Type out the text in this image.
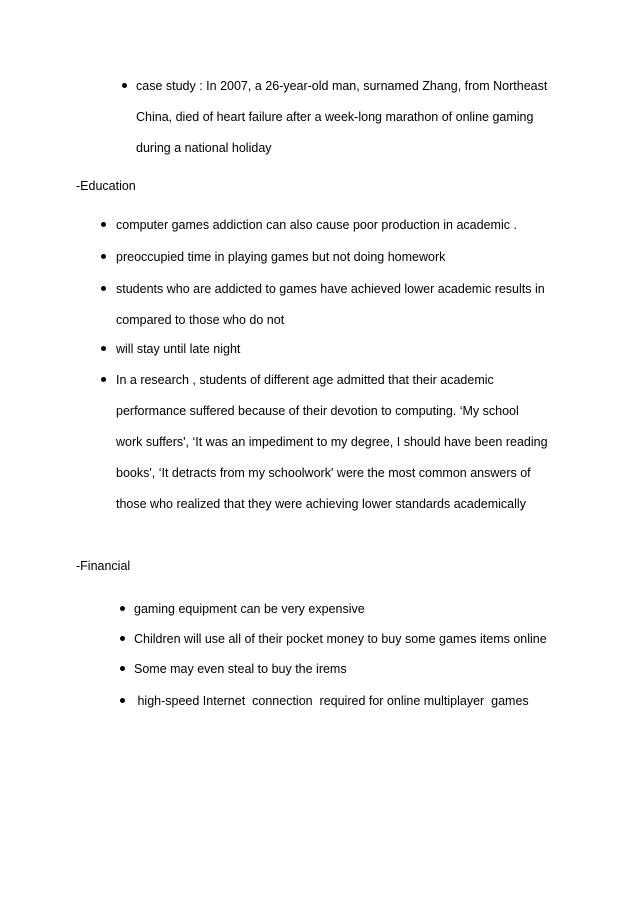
case study : In 2007, a 26-year-old man, surnamed Zhang, from Northeast
China, died of heart failure after a week-long marathon of online gaming
during a national holiday
-Education
computer games addiction can also cause poor production in academic .
preoccupied time in playing games but not doing homework
students who are addicted to games have achieved lower academic results in
compared to those who do not
will stay until late night
In a research , students of different age admitted that their academic
performance suffered because of their devotion to computing. ‘My school
work suffers', ‘It was an impediment to my degree, I should have been reading
books', ‘It detracts from my schoolwork' were the most common answers of
those who realized that they were achieving lower standards academically
-Financial
gaming equipment can be very expensive
Children will use all of their pocket money to buy some games items online
Some may even steal to buy the irems
high-speed Internet  connection  required for online multiplayer  games
